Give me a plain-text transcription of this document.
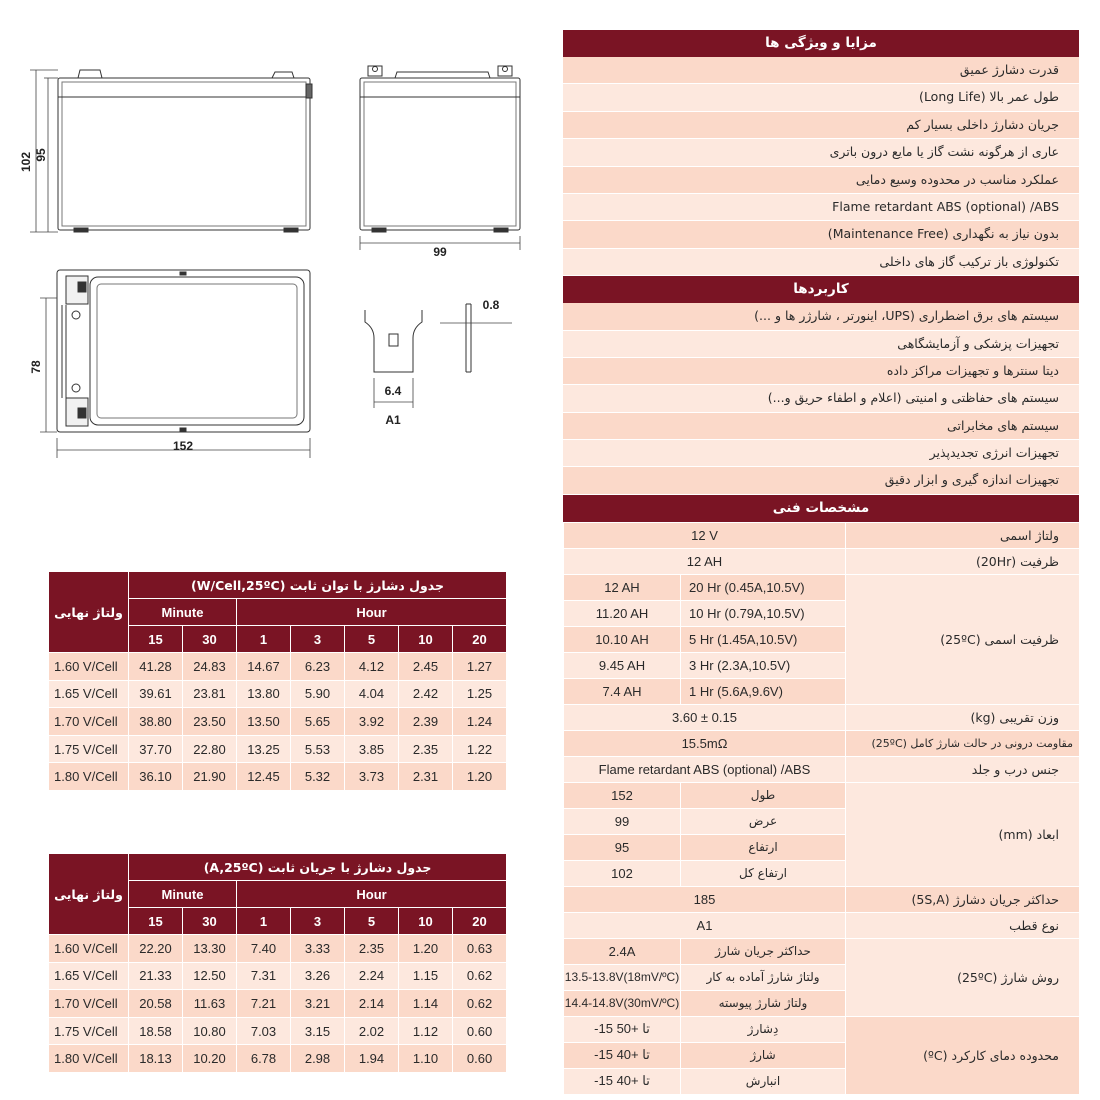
102 95
99
78
152
6.4
0.8
A1
ولتاژ نهایی	جدول دشارژ با توان ثابت (W/Cell,25ºC)						
	Minute		Hour				
	15	30	1	3	5	10	20
1.60 V/Cell	41.28	24.83	14.67	6.23	4.12	2.45	1.27
1.65 V/Cell	39.61	23.81	13.80	5.90	4.04	2.42	1.25
1.70 V/Cell	38.80	23.50	13.50	5.65	3.92	2.39	1.24
1.75 V/Cell	37.70	22.80	13.25	5.53	3.85	2.35	1.22
1.80 V/Cell	36.10	21.90	12.45	5.32	3.73	2.31	1.20
ولتاژ نهایی	جدول دشارژ با جریان ثابت (A,25ºC)						
	Minute		Hour				
	15	30	1	3	5	10	20
1.60 V/Cell	22.20	13.30	7.40	3.33	2.35	1.20	0.63
1.65 V/Cell	21.33	12.50	7.31	3.26	2.24	1.15	0.62
1.70 V/Cell	20.58	11.63	7.21	3.21	2.14	1.14	0.62
1.75 V/Cell	18.58	10.80	7.03	3.15	2.02	1.12	0.60
1.80 V/Cell	18.13	10.20	6.78	2.98	1.94	1.10	0.60
مزایا و ویژگی ها
قدرت دشارژ عمیق
طول عمر بالا (Long Life)
جریان دشارژ داخلی بسیار کم
عاری از هرگونه نشت گاز یا مایع درون باتری
عملکرد مناسب در محدوده وسیع دمایی
Flame retardant ABS (optional) /ABS
بدون نیاز به نگهداری (Maintenance Free)
تکنولوژی باز ترکیب گاز های داخلی
کاربردها
سیستم های برق اضطراری (UPS، اینورتر ، شارژر ها و ...)
تجهیزات پزشکی و آزمایشگاهی
دیتا سنترها و تجهیزات مراکز داده
سیستم های حفاظتی و امنیتی (اعلام و اطفاء حریق و...)
سیستم های مخابراتی
تجهیزات انرژی تجدیدپذیر
تجهیزات اندازه گیری و ابزار دقیق
مشخصات فنی
12 V		ولتاژ اسمی
12 AH		ظرفیت (20Hr)
12 AH	20 Hr (0.45A,10.5V)	ظرفیت اسمی (25ºC)
11.20 AH	10 Hr (0.79A,10.5V)	
10.10 AH	5 Hr (1.45A,10.5V)	
9.45 AH	3 Hr (2.3A,10.5V)	
7.4 AH	1 Hr (5.6A,9.6V)	
3.60 ± 0.15		وزن تقریبی (kg)
15.5mΩ		مقاومت درونی در حالت شارژ کامل (25ºC)
Flame retardant ABS (optional) /ABS		جنس درب و جلد
152	طول	ابعاد (mm)
99	عرض	
95	ارتفاع	
102	ارتفاع کل	
185		حداکثر جریان دشارژ (5S,A)
A1		نوع قطب
2.4A	حداکثر جریان شارژ	روش شارژ (25ºC)
13.5-13.8V(18mV/ºC)	ولتاژ شارژ آماده به کار	
14.4-14.8V(30mV/ºC)	ولتاژ شارژ پیوسته	
-15 تا +50	دِشارژ	محدوده دمای کارکرد (ºC)
-15 تا +40	شارژ	
-15 تا +40	انبارش	
